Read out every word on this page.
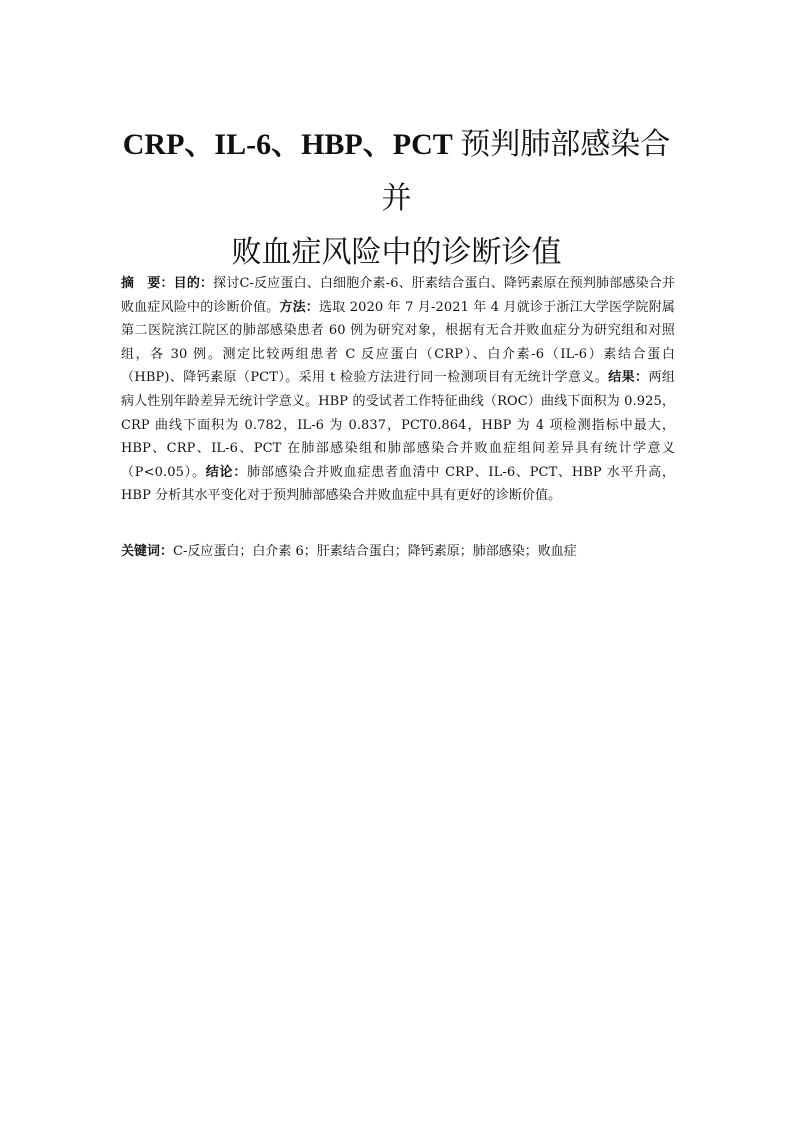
CRP、IL-6、HBP、PCT 预判肺部感染合并
败血症风险中的诊断诊值

摘　要：目的：探讨C-反应蛋白、白细胞介素-6、肝素结合蛋白、降钙素原在预判肺部感染合并败血症风险中的诊断价值。方法：选取 2020 年 7 月-2021 年 4 月就诊于浙江大学医学院附属第二医院滨江院区的肺部感染患者 60 例为研究对象，根据有无合并败血症分为研究组和对照组，各 30 例。测定比较两组患者 C 反应蛋白（CRP）、白介素-6（IL-6）素结合蛋白（HBP)、降钙素原（PCT）。采用 t 检验方法进行同一检测项目有无统计学意义。结果：两组病人性别年龄差异无统计学意义。HBP 的受试者工作特征曲线（ROC）曲线下面积为 0.925，CRP 曲线下面积为 0.782，IL-6 为 0.837，PCT0.864，HBP 为 4 项检测指标中最大，HBP、CRP、IL-6、PCT 在肺部感染组和肺部感染合并败血症组间差异具有统计学意义（P<0.05）。结论：肺部感染合并败血症患者血清中 CRP、IL-6、PCT、HBP 水平升高，HBP 分析其水平变化对于预判肺部感染合并败血症中具有更好的诊断价值。

关键词：C-反应蛋白；白介素 6；肝素结合蛋白；降钙素原；肺部感染；败血症
